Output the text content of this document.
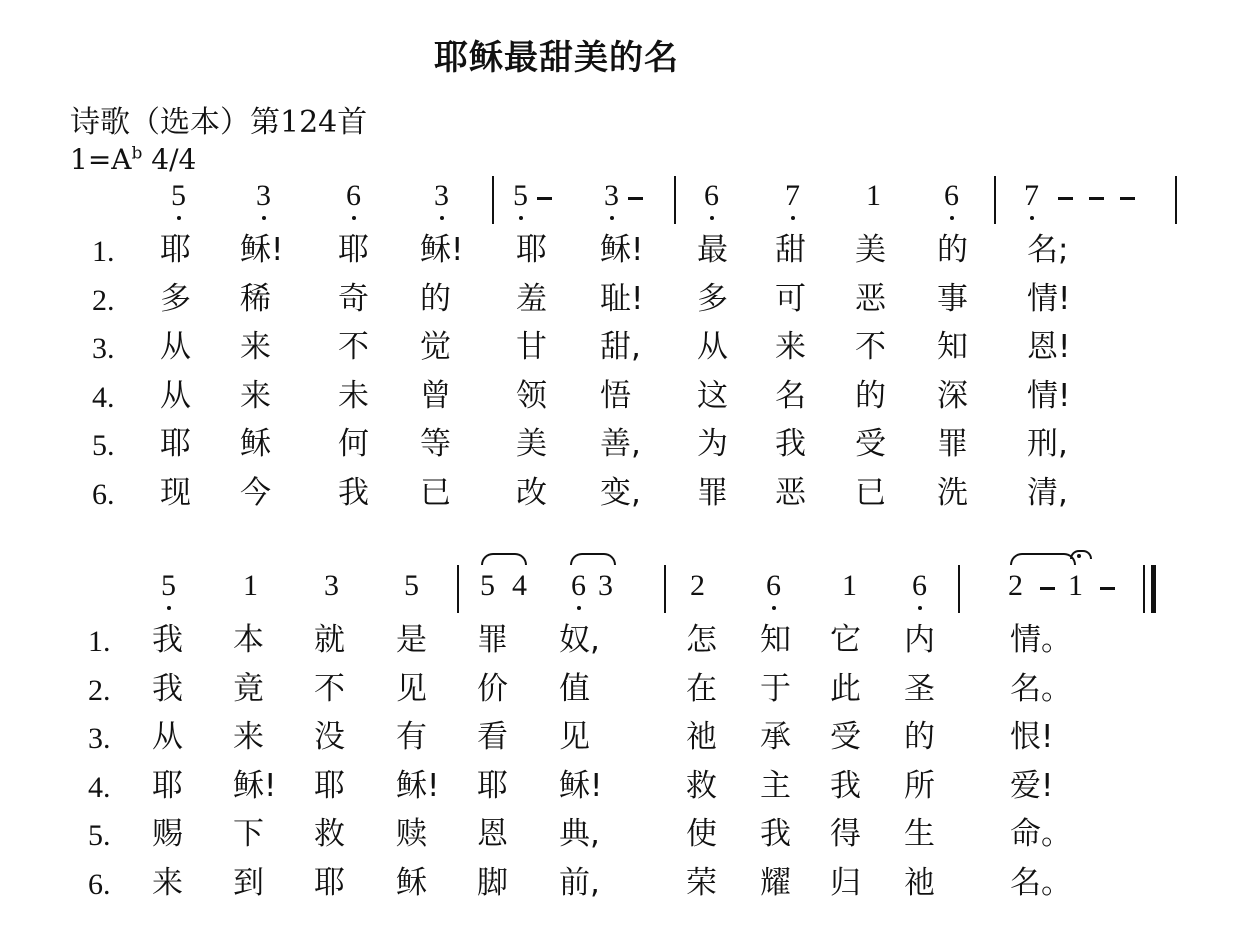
耶稣最甜美的名
诗歌（选本）第124首
$1=A^b$ 4/4
5 3	6 3 5	3	6 7 1 6 7
1. 耶 稣! 耶 稣! 耶 稣! 最 甜 美 的 名;
2. 多 稀 奇 的 羞 耻! 多 可 恶 事 情!
3. 从 来 不 觉 甘 甜, 从 来 不 知 恩!
4. 从 来 未 曾 领 悟 这 名 的 深 情!
5. 耶 稣 何 等 美 善, 为 我 受 罪 刑,
6. 现 今 我 已 改 变, 罪 恶 已 洗 清,
5 1 3 5 5 4 6 3	2 6 1 6	2 1
1. 我 本 就 是 罪 奴,	怎 知 它 内 情。
2. 我 竟 不 见 价 值	在 于 此 圣 名。
3. 从 来 没 有 看 见	祂 承 受 的 恨!
4. 耶 稣! 耶 稣! 耶 稣!	救 主 我 所 爱!
5. 赐 下 救 赎 恩 典,	使 我 得 生 命。
6. 来 到 耶 稣 脚 前,	荣 耀 归 祂 名。
